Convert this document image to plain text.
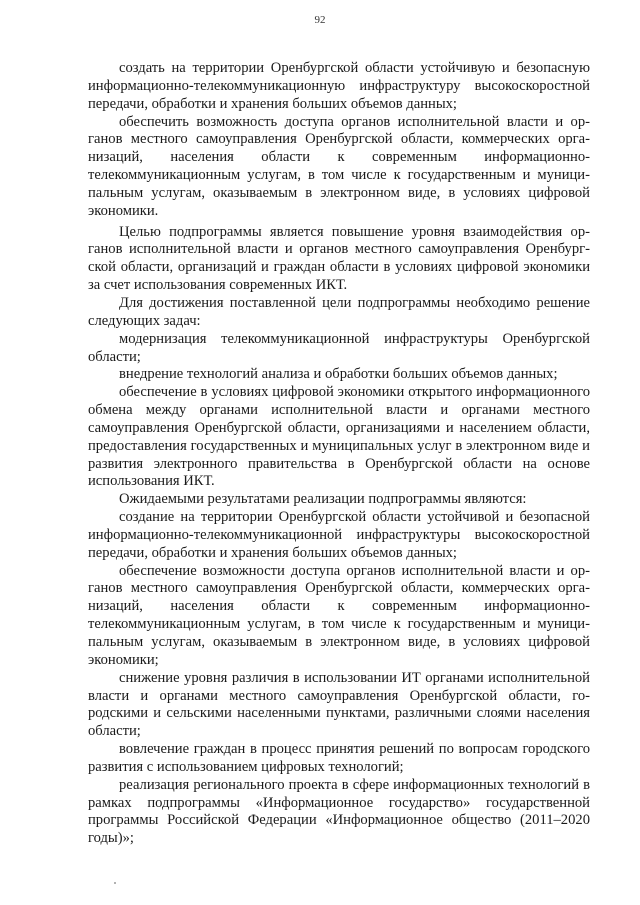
92

создать на территории Оренбургской области устойчивую и безопасную информационно-телекоммуникационную инфраструктуру высокоскоростной передачи, обработки и хранения больших объемов данных;

обеспечить возможность доступа органов исполнительной власти и органов местного самоуправления Оренбургской области, коммерческих организаций, населения области к современным информационно-телекоммуникационным услугам, в том числе к государственным и муниципальным услугам, оказываемым в электронном виде, в условиях цифровой экономики.

Целью подпрограммы является повышение уровня взаимодействия органов исполнительной власти и органов местного самоуправления Оренбургской области, организаций и граждан области в условиях цифровой экономики за счет использования современных ИКТ.

Для достижения поставленной цели подпрограммы необходимо решение следующих задач:

модернизация телекоммуникационной инфраструктуры Оренбургской области;

внедрение технологий анализа и обработки больших объемов данных;

обеспечение в условиях цифровой экономики открытого информационного обмена между органами исполнительной власти и органами местного самоуправления Оренбургской области, организациями и населением области, предоставления государственных и муниципальных услуг в электронном виде и развития электронного правительства в Оренбургской области на основе использования ИКТ.

Ожидаемыми результатами реализации подпрограммы являются:

создание на территории Оренбургской области устойчивой и безопасной информационно-телекоммуникационной инфраструктуры высокоскоростной передачи, обработки и хранения больших объемов данных;

обеспечение возможности доступа органов исполнительной власти и органов местного самоуправления Оренбургской области, коммерческих организаций, населения области к современным информационно-телекоммуникационным услугам, в том числе к государственным и муниципальным услугам, оказываемым в электронном виде, в условиях цифровой экономики;

снижение уровня различия в использовании ИТ органами исполнительной власти и органами местного самоуправления Оренбургской области, городскими и сельскими населенными пунктами, различными слоями населения области;

вовлечение граждан в процесс принятия решений по вопросам городского развития с использованием цифровых технологий;

реализация регионального проекта в сфере информационных технологий в рамках подпрограммы «Информационное государство» государственной программы Российской Федерации «Информационное общество (2011–2020 годы)»;
